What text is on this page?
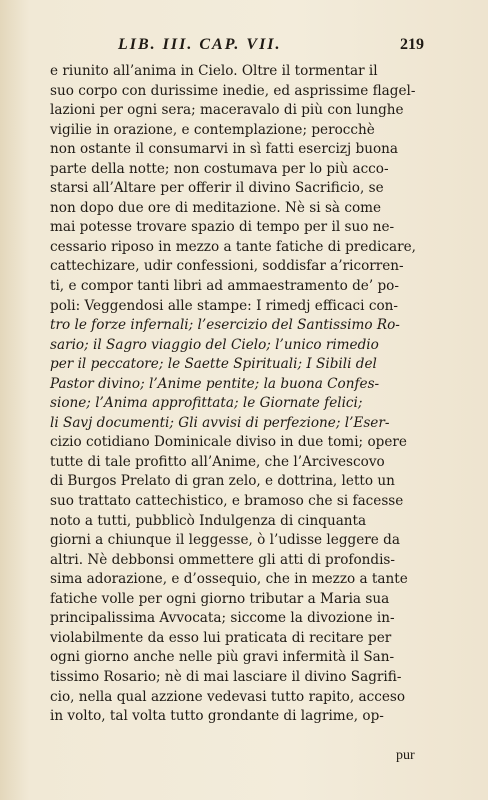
LIB. III. CAP. VII.	219
e riunito all’anima in Cielo. Oltre il tormentar il
suo corpo con durissime inedie, ed asprissime flagel-
lazioni per ogni sera; maceravalo di più con lunghe
vigilie in orazione, e contemplazione; perocchè
non ostante il consumarvi in sì fatti esercizj buona
parte della notte; non costumava per lo più acco-
starsi all’Altare per offerir il divino Sacrificio, se
non dopo due ore di meditazione. Nè si sà come
mai potesse trovare spazio di tempo per il suo ne-
cessario riposo in mezzo a tante fatiche di predicare,
cattechizare, udir confessioni, soddisfar a’ricorren-
ti, e compor tanti libri ad ammaestramento de’ po-
poli: Veggendosi alle stampe: I rimedj efficaci con-
tro le forze infernali; l’esercizio del Santissimo Ro-
sario; il Sagro viaggio del Cielo; l’unico rimedio
per il peccatore; le Saette Spirituali; I Sibili del
Pastor divino; l’Anime pentite; la buona Confes-
sione; l’Anima approfittata; le Giornate felici;
li Savj documenti; Gli avvisi di perfezione; l’Eser-
cizio cotidiano Dominicale diviso in due tomi; opere
tutte di tale profitto all’Anime, che l’Arcivescovo
di Burgos Prelato di gran zelo, e dottrina, letto un
suo trattato cattechistico, e bramoso che si facesse
noto a tutti, pubblicò Indulgenza di cinquanta
giorni a chiunque il leggesse, ò l’udisse leggere da
altri. Nè debbonsi ommettere gli atti di profondis-
sima adorazione, e d’ossequio, che in mezzo a tante
fatiche volle per ogni giorno tributar a Maria sua
principalissima Avvocata; siccome la divozione in-
violabilmente da esso lui praticata di recitare per
ogni giorno anche nelle più gravi infermità il San-
tissimo Rosario; nè di mai lasciare il divino Sagrifi-
cio, nella qual azzione vedevasi tutto rapito, acceso
in volto, tal volta tutto grondante di lagrime, op-
pur
